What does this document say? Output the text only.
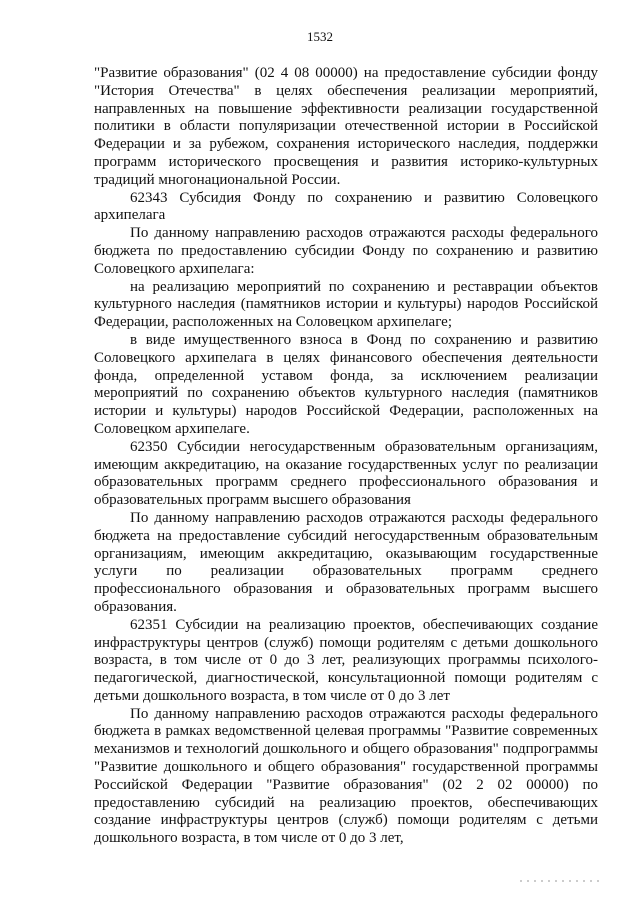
1532

"Развитие образования" (02 4 08 00000) на предоставление субсидии фонду "История Отечества" в целях обеспечения реализации мероприятий, направленных на повышение эффективности реализации государственной политики в области популяризации отечественной истории в Российской Федерации и за рубежом, сохранения исторического наследия, поддержки программ исторического просвещения и развития историко-культурных традиций многонациональной России.

62343 Субсидия Фонду по сохранению и развитию Соловецкого архипелага

По данному направлению расходов отражаются расходы федерального бюджета по предоставлению субсидии Фонду по сохранению и развитию Соловецкого архипелага:

на реализацию мероприятий по сохранению и реставрации объектов культурного наследия (памятников истории и культуры) народов Российской Федерации, расположенных на Соловецком архипелаге;

в виде имущественного взноса в Фонд по сохранению и развитию Соловецкого архипелага в целях финансового обеспечения деятельности фонда, определенной уставом фонда, за исключением реализации мероприятий по сохранению объектов культурного наследия (памятников истории и культуры) народов Российской Федерации, расположенных на Соловецком архипелаге.

62350 Субсидии негосударственным образовательным организациям, имеющим аккредитацию, на оказание государственных услуг по реализации образовательных программ среднего профессионального образования и образовательных программ высшего образования

По данному направлению расходов отражаются расходы федерального бюджета на предоставление субсидий негосударственным образовательным организациям, имеющим аккредитацию, оказывающим государственные услуги по реализации образовательных программ среднего профессионального образования и образовательных программ высшего образования.

62351 Субсидии на реализацию проектов, обеспечивающих создание инфраструктуры центров (служб) помощи родителям с детьми дошкольного возраста, в том числе от 0 до 3 лет, реализующих программы психолого-педагогической, диагностической, консультационной помощи родителям с детьми дошкольного возраста, в том числе от 0 до 3 лет

По данному направлению расходов отражаются расходы федерального бюджета в рамках ведомственной целевая программы "Развитие современных механизмов и технологий дошкольного и общего образования" подпрограммы "Развитие дошкольного и общего образования" государственной программы Российской Федерации "Развитие образования" (02 2 02 00000) по предоставлению субсидий на реализацию проектов, обеспечивающих создание инфраструктуры центров (служб) помощи родителям с детьми дошкольного возраста, в том числе от 0 до 3 лет,
